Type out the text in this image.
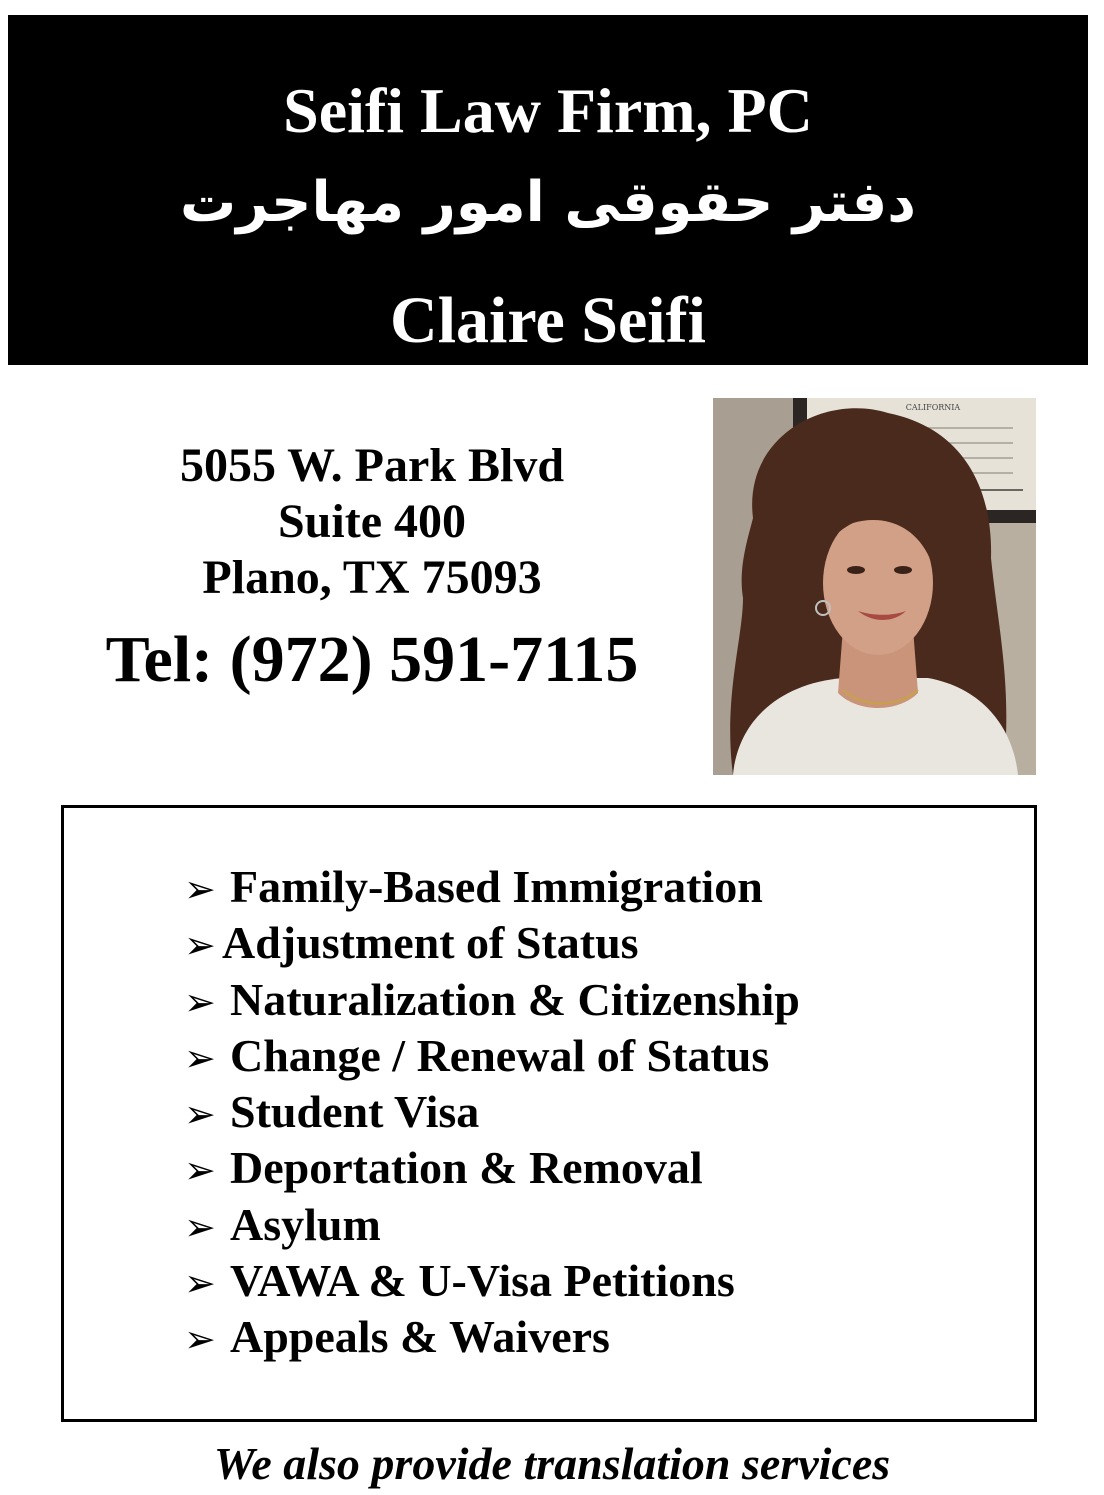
Seifi Law Firm, PC
دفتر حقوقی امور مهاجرت
Claire Seifi
5055 W. Park Blvd
Suite 400
Plano, TX 75093
Tel: (972) 591-7115
CALIFORNIA
➢ Family-Based Immigration
➢ Adjustment of Status
➢ Naturalization & Citizenship
➢ Change / Renewal of Status
➢ Student Visa
➢ Deportation & Removal
➢ Asylum
➢ VAWA & U-Visa Petitions
➢ Appeals & Waivers
We also provide translation services
